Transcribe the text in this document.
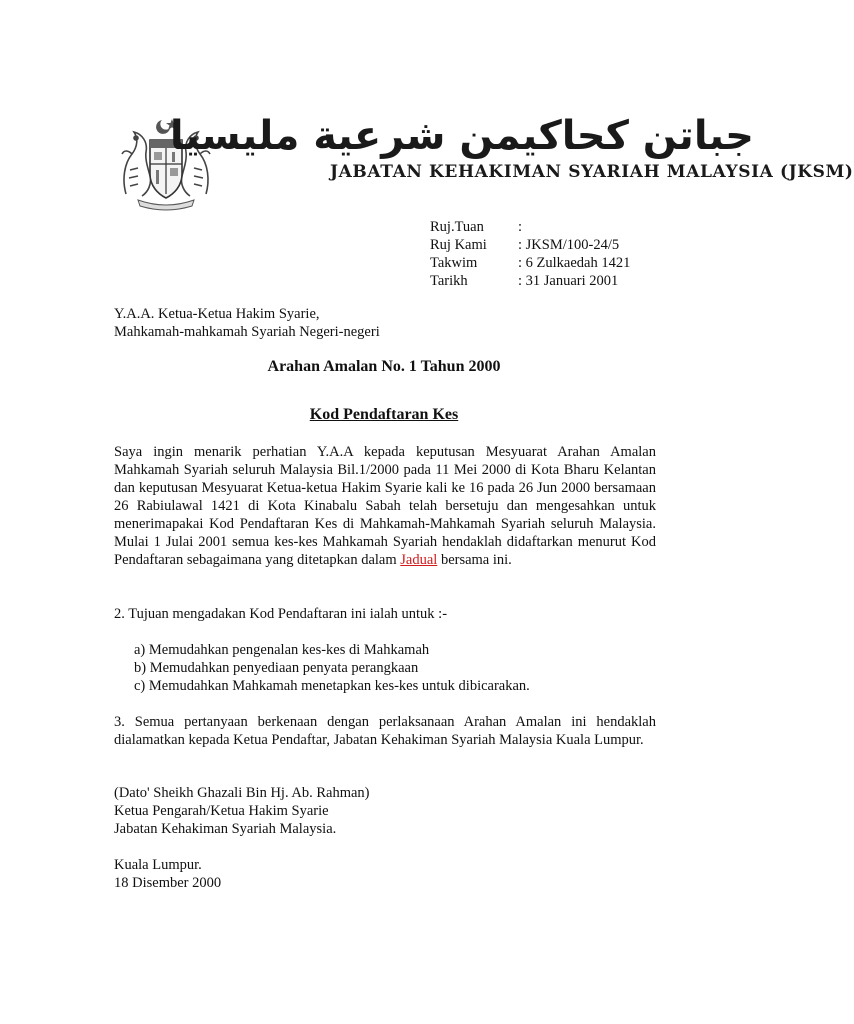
جباتن كحاكيمن شرعية مليسيا
JABATAN KEHAKIMAN SYARIAH MALAYSIA (JKSM)
Ruj.Tuan	:
Ruj Kami	: JKSM/100-24/5
Takwim	: 6 Zulkaedah 1421
Tarikh	: 31 Januari 2001
Y.A.A. Ketua-Ketua Hakim Syarie,
Mahkamah-mahkamah Syariah Negeri-negeri
Arahan Amalan No. 1 Tahun 2000
Kod Pendaftaran Kes

Saya ingin menarik perhatian Y.A.A kepada keputusan Mesyuarat Arahan Amalan Mahkamah Syariah seluruh Malaysia Bil.1/2000 pada 11 Mei 2000 di Kota Bharu Kelantan dan keputusan Mesyuarat Ketua-ketua Hakim Syarie kali ke 16 pada 26 Jun 2000 bersamaan 26 Rabiulawal 1421 di Kota Kinabalu Sabah telah bersetuju dan mengesahkan untuk menerimapakai Kod Pendaftaran Kes di Mahkamah-Mahkamah Syariah seluruh Malaysia. Mulai 1 Julai 2001 semua kes-kes Mahkamah Syariah hendaklah didaftarkan menurut Kod Pendaftaran sebagaimana yang ditetapkan dalam Jadual bersama ini.

2. Tujuan mengadakan Kod Pendaftaran ini ialah untuk :-

a) Memudahkan pengenalan kes-kes di Mahkamah
b) Memudahkan penyediaan penyata perangkaan
c) Memudahkan Mahkamah menetapkan kes-kes untuk dibicarakan.

3. Semua pertanyaan berkenaan dengan perlaksanaan Arahan Amalan ini hendaklah dialamatkan kepada Ketua Pendaftar, Jabatan Kehakiman Syariah Malaysia Kuala Lumpur.

(Dato' Sheikh Ghazali Bin Hj. Ab. Rahman)
Ketua Pengarah/Ketua Hakim Syarie
Jabatan Kehakiman Syariah Malaysia.
Kuala Lumpur.
18 Disember 2000
